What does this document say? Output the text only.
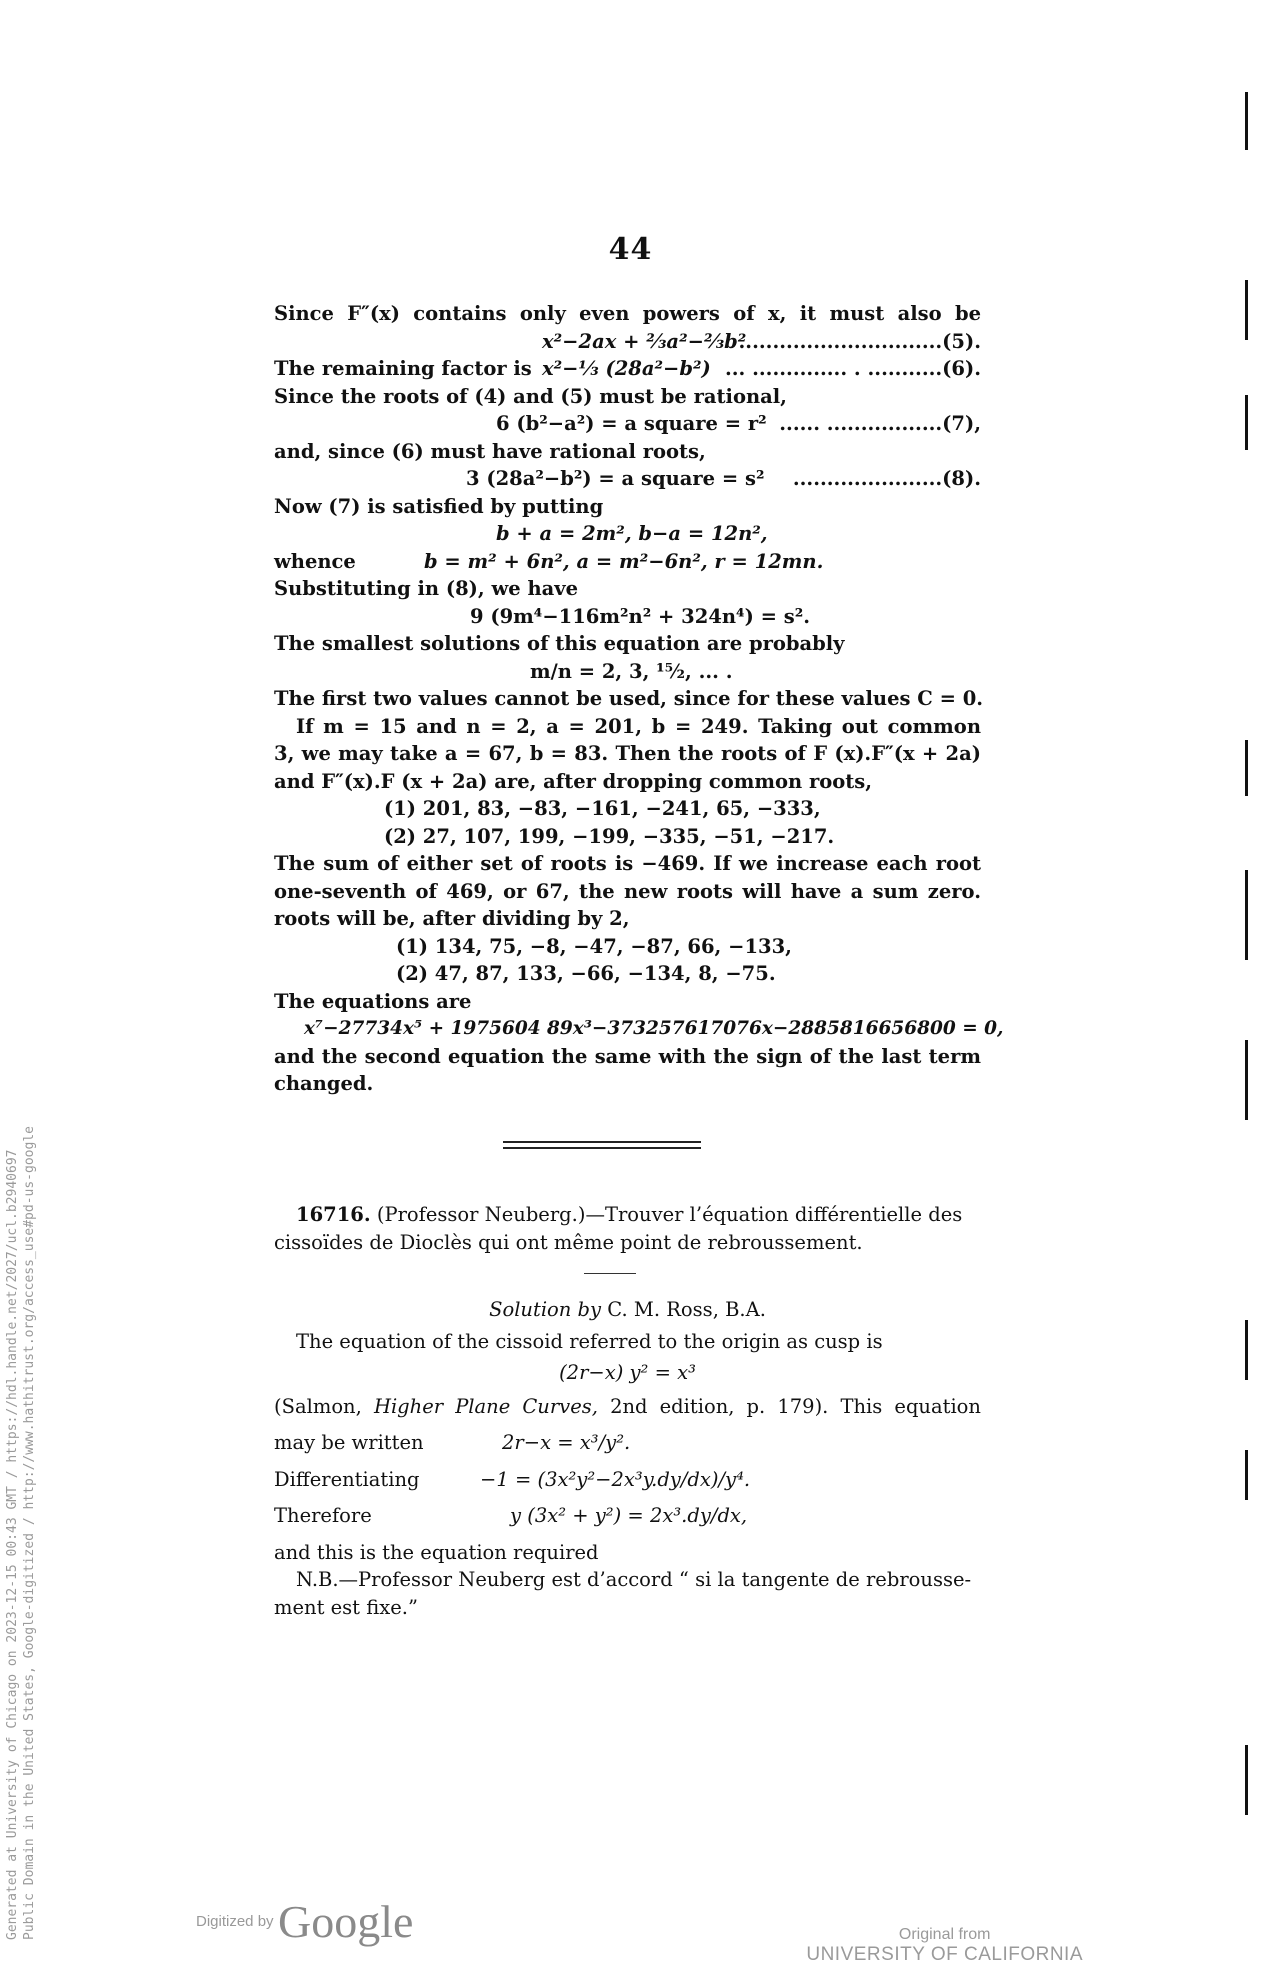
44
Since F″(x) contains only even powers of x, it must also be
x²−2ax + ⅔a²−⅔b²
..............................(5).
The remaining factor is x²−⅓ (28a²−b²) ... .............. . ...........(6).
Since the roots of (4) and (5) must be rational,
6 (b²−a²) = a square = r² ...... .................(7),
and, since (6) must have rational roots,
3 (28a²−b²) = a square = s² ......................(8).
Now (7) is satisfied by putting
b + a = 2m², b−a = 12n²,
whence	b = m² + 6n², a = m²−6n², r = 12mn.
Substituting in (8), we have
9 (9m⁴−116m²n² + 324n⁴) = s².
The smallest solutions of this equation are probably
m/n = 2, 3, ¹⁵⁄₂, ... .
The first two values cannot be used, since for these values C = 0.
If m = 15 and n = 2, a = 201, b = 249. Taking out common
3, we may take a = 67, b = 83. Then the roots of F (x).F″(x + 2a)
and F″(x).F (x + 2a) are, after dropping common roots,
(1) 201, 83, −83, −161, −241, 65, −333,
(2) 27, 107, 199, −199, −335, −51, −217.
The sum of either set of roots is −469. If we increase each root
one-seventh of 469, or 67, the new roots will have a sum zero.
roots will be, after dividing by 2,
(1) 134, 75, −8, −47, −87, 66, −133,
(2) 47, 87, 133, −66, −134, 8, −75.
The equations are
x⁷−27734x⁵ + 1975604 89x³−373257617076x−2885816656800 = 0,
and the second equation the same with the sign of the last term
changed.
16716. (Professor Neuberg.)—Trouver l’équation différentielle des
cissoïdes de Dioclès qui ont même point de rebroussement.
Solution by C. M. Ross, B.A.
The equation of the cissoid referred to the origin as cusp is
(2r−x) y² = x³
(Salmon, Higher Plane Curves, 2nd edition, p. 179). This equation
may be written	2r−x = x³/y².
Differentiating	−1 = (3x²y²−2x³y.dy/dx)/y⁴.
Therefore	y (3x² + y²) = 2x³.dy/dx,
and this is the equation required
N.B.—Professor Neuberg est d’accord “ si la tangente de rebrousse-
ment est fixe.”
Generated at University of Chicago on 2023-12-15 00:43 GMT / https://hdl.handle.net/2027/ucl.b2940697 Public Domain in the United States, Google-digitized / http://www.hathitrust.org/access_use#pd-us-google	Digitized by Google	Original from
UNIVERSITY OF CALIFORNIA
